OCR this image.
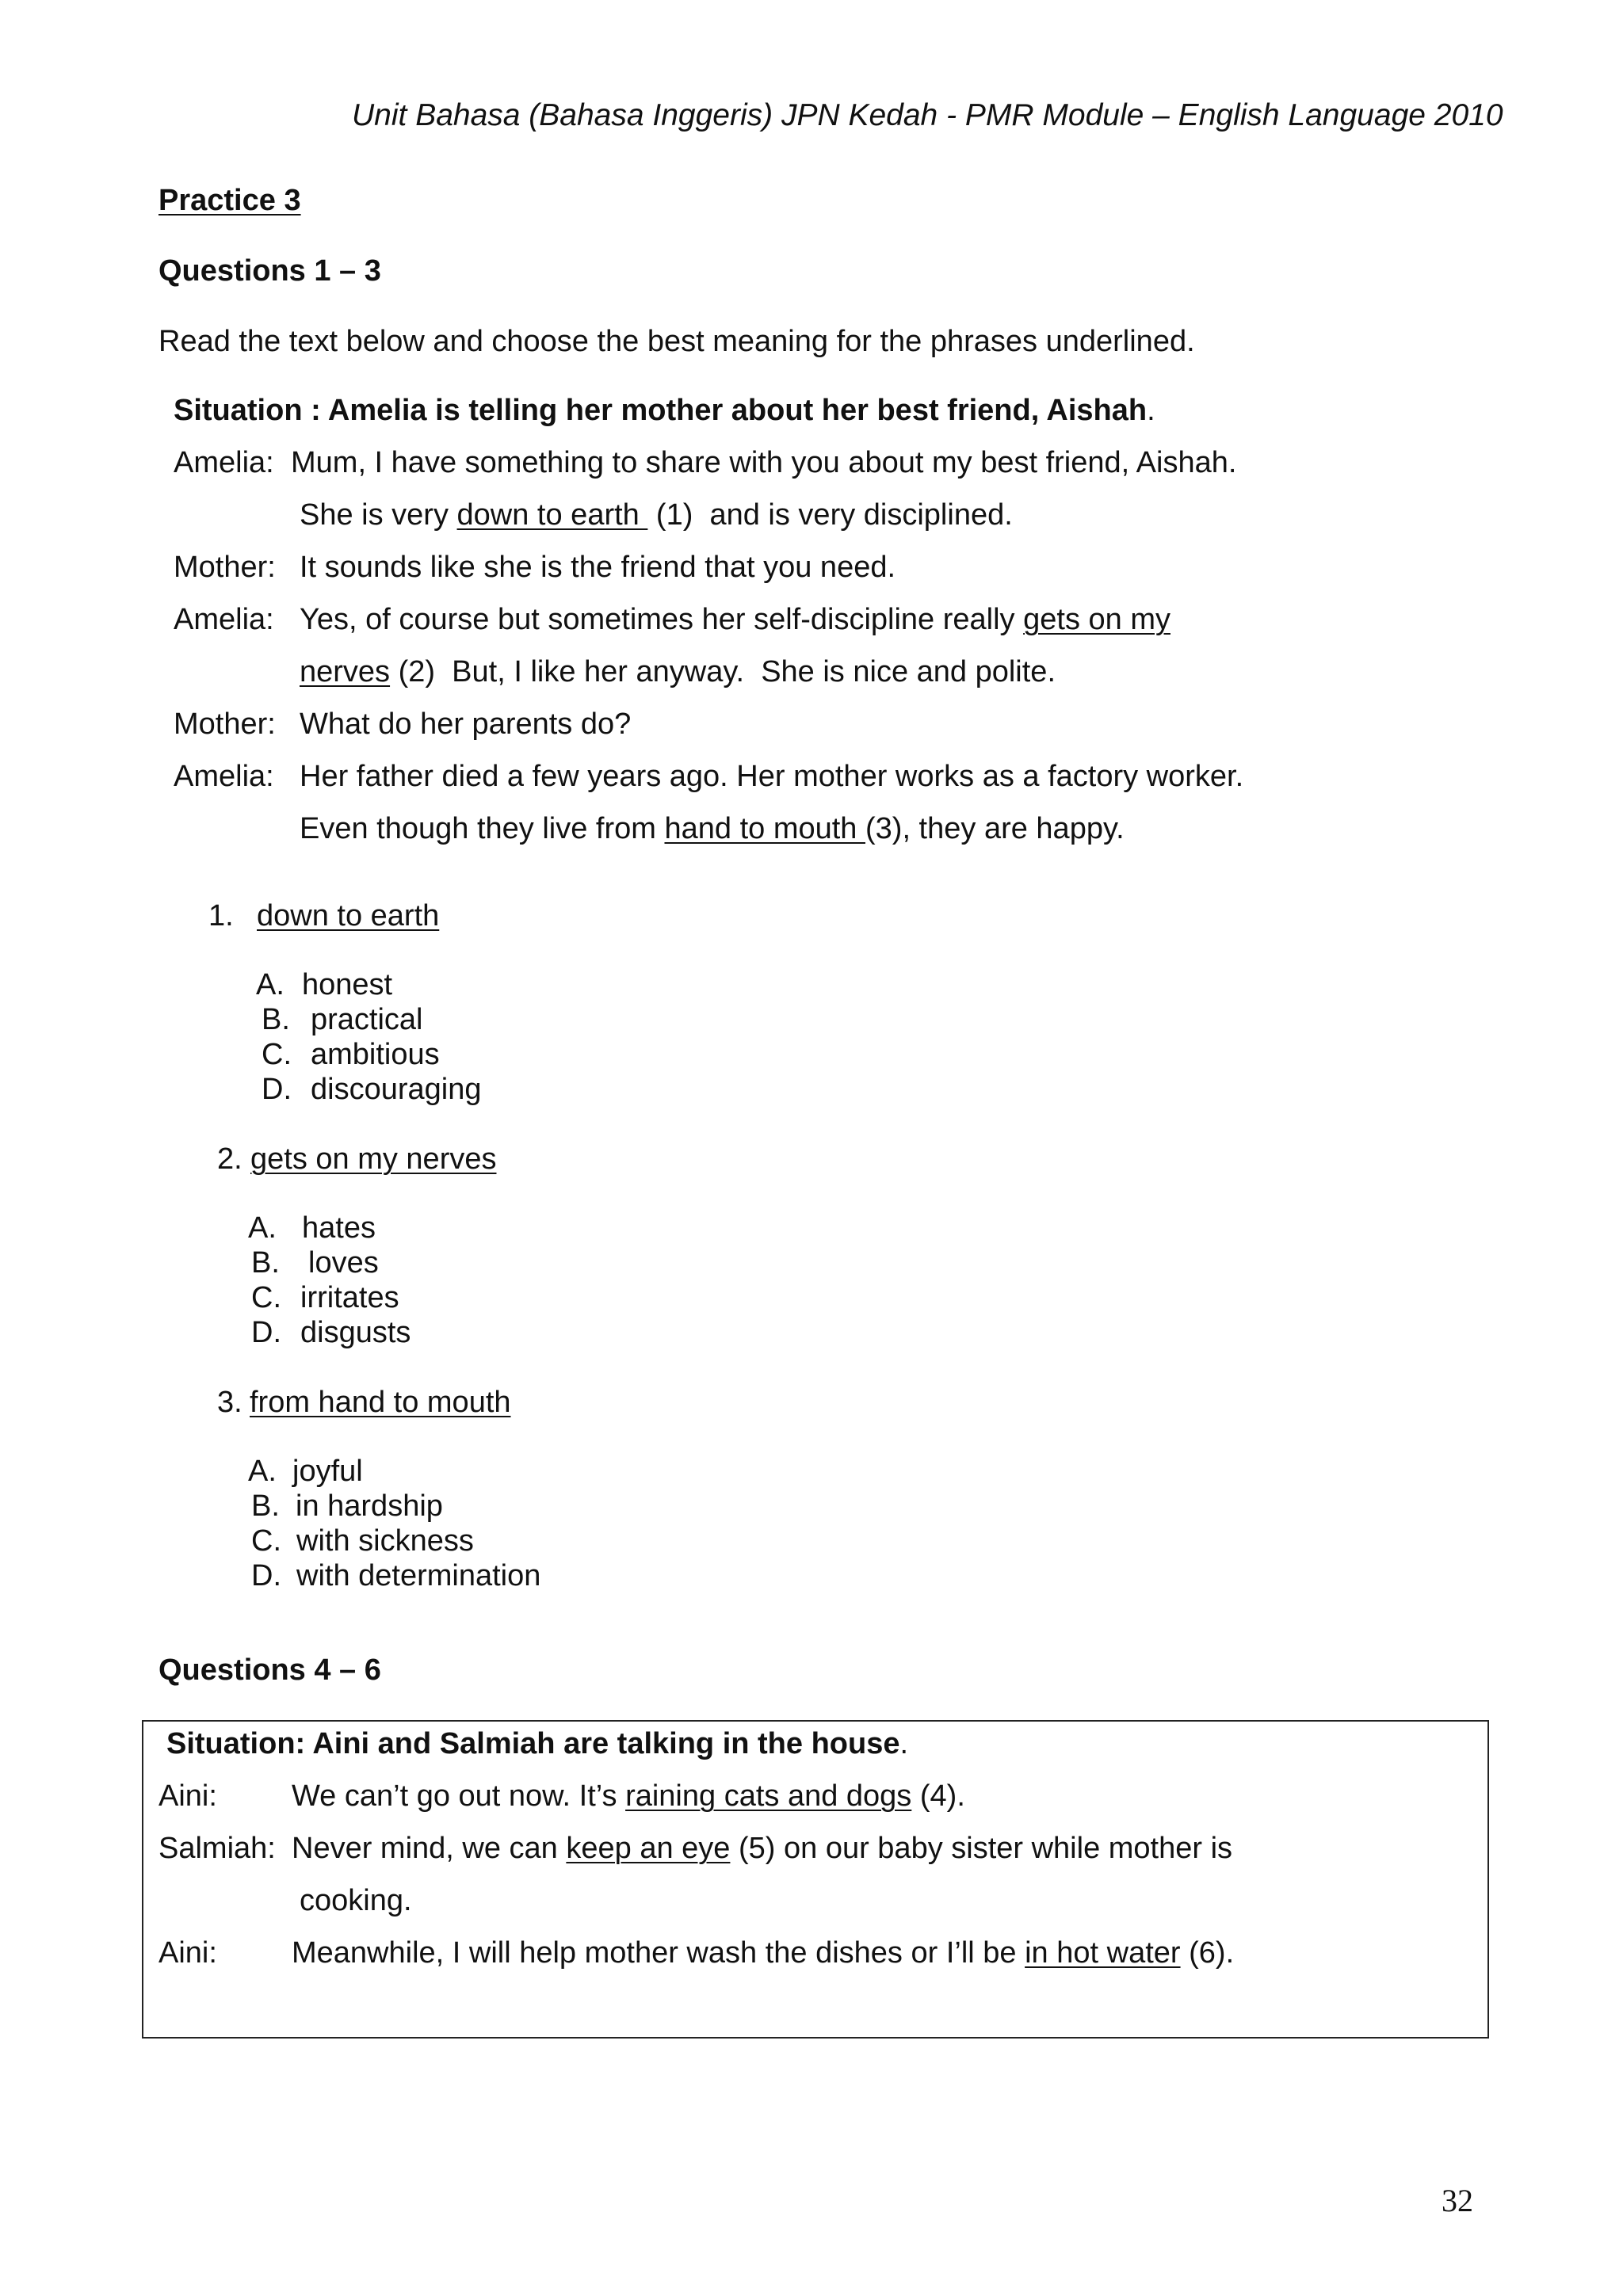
Unit Bahasa (Bahasa Inggeris) JPN Kedah - PMR Module – English Language 2010
Practice 3
Questions 1 – 3
Read the text below and choose the best meaning for the phrases underlined.
Situation : Amelia is telling her mother about her best friend, Aishah.
Amelia: Mum, I have something to share with you about my best friend, Aishah.
She is very down to earth  (1)  and is very disciplined.
Mother: It sounds like she is the friend that you need.
Amelia: Yes, of course but sometimes her self-discipline really gets on my
nerves (2)  But, I like her anyway.  She is nice and polite.
Mother: What do her parents do?
Amelia: Her father died a few years ago. Her mother works as a factory worker.
Even though they live from hand to mouth (3), they are happy.
1. down to earth
A. honest
B. practical
C. ambitious
D. discouraging
2. gets on my nerves
A. hates
B. loves
C. irritates
D. disgusts
3. from hand to mouth
A. joyful
B. in hardship
C. with sickness
D. with determination
Questions 4 – 6
Situation: Aini and Salmiah are talking in the house.
Aini: We can’t go out now. It’s raining cats and dogs (4).
Salmiah: Never mind, we can keep an eye (5) on our baby sister while mother is
cooking.
Aini: Meanwhile, I will help mother wash the dishes or I’ll be in hot water (6).
32
